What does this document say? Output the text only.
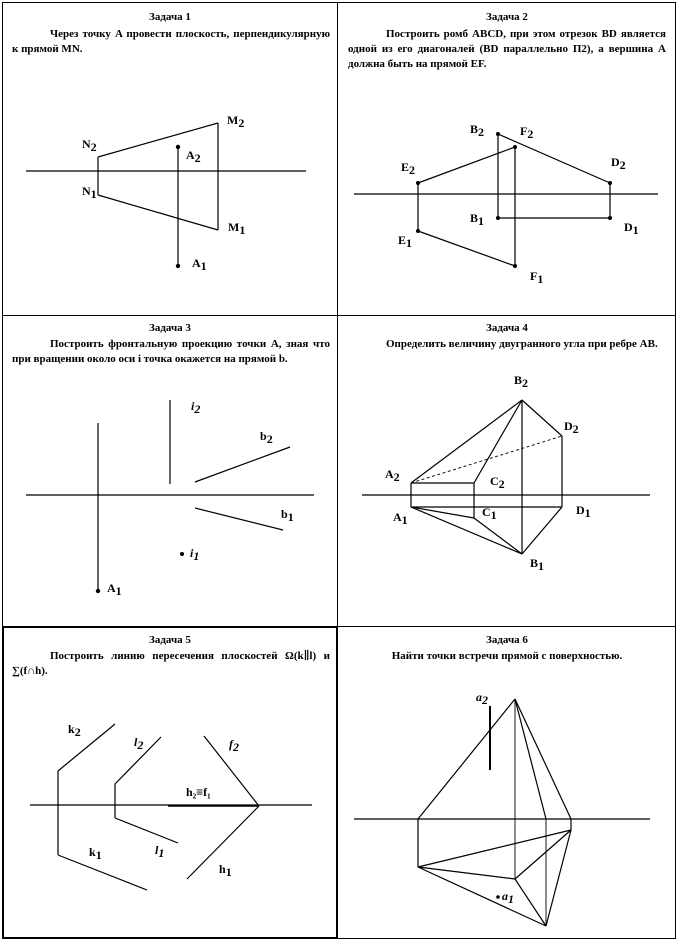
Задача 1
Через точку A провести плоскость, перпендикулярную к прямой MN.
N2
M2
A2
N1
M1
A1
Задача 2
Построить ромб ABCD, при этом отрезок BD является одной из его диагоналей (BD параллельно П2), а вершина A должна быть на прямой EF.
B2	F2
D2
E2
B1	D1
E1
F1
Задача 3
Построить фронтальную проекцию точки A, зная что при вращении около оси i точка окажется на прямой b.
i2
b2
b1
i1
A1
Задача 4
Определить величину двугранного угла при ребре AB.
B2
D2
A2	C2
A1
C1	D1
B1
Задача 5
Построить линию пересечения плоскостей Ω(k∥l) и ∑(f∩h).
k2
l2	f2
h₂≡f₁
k1	l1
h1
Задача 6
Найти точки встречи прямой с поверхностью.
a2
a1
